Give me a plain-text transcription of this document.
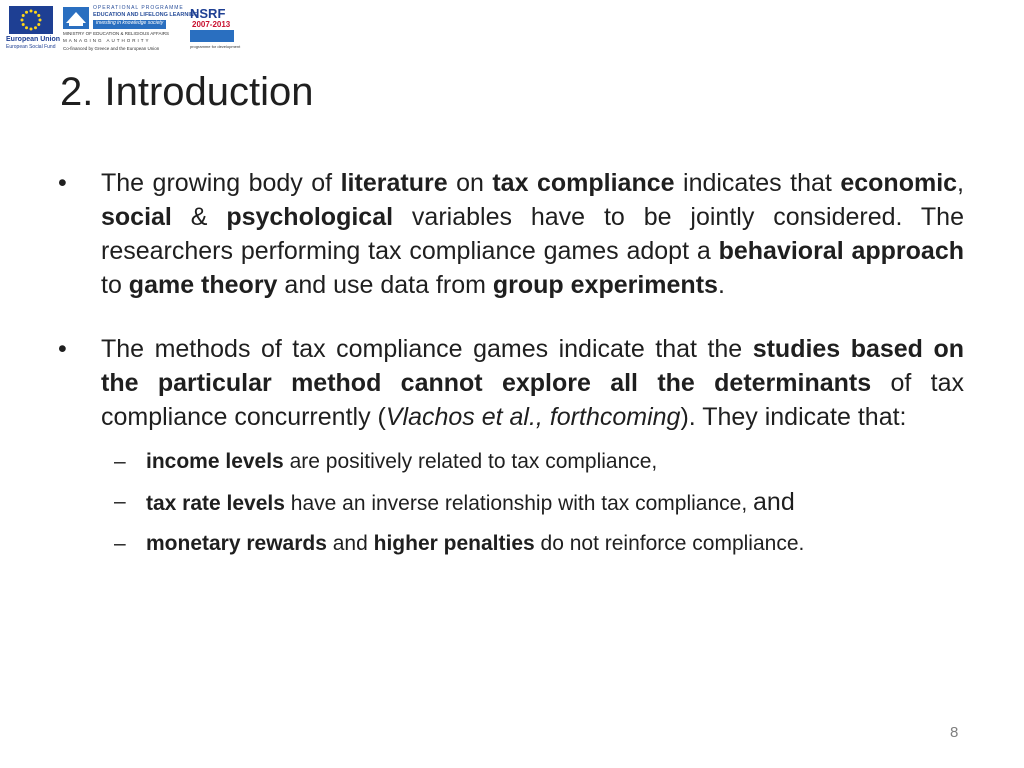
European Union
European Social Fund
OPERATIONAL PROGRAMME
EDUCATION AND LIFELONG LEARNING
investing in knowledge society
MINISTRY OF EDUCATION & RELIGIOUS AFFAIRS
MANAGING AUTHORITY
Co-financed by Greece and the European Union
NSRF
2007-2013
programme for development
2. Introduction
• The growing body of literature on tax compliance indicates that economic, social & psychological variables have to be jointly considered. The researchers performing tax compliance games adopt a behavioral approach to game theory and use data from group experiments.
• The methods of tax compliance games indicate that the studies based on the particular method cannot explore all the determinants of tax compliance concurrently (Vlachos et al., forthcoming). They indicate that:
– income levels are positively related to tax compliance,
– tax rate levels have an inverse relationship with tax compliance, and
– monetary rewards and higher penalties do not reinforce compliance.
8
